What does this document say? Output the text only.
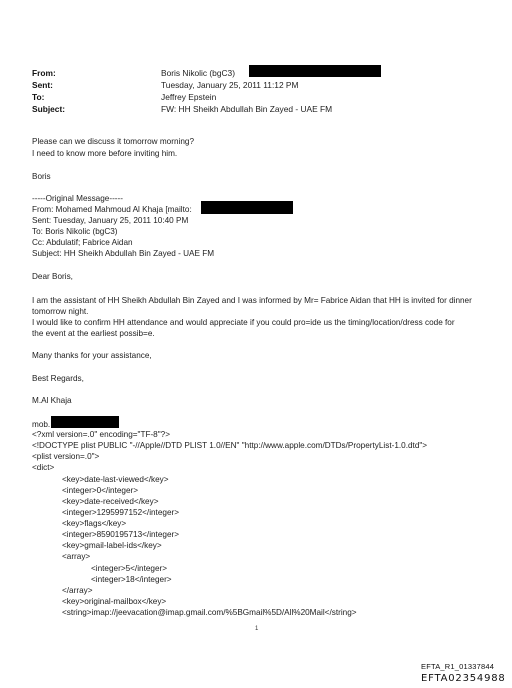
From:	Boris Nikolic (bgC3)
Sent:	Tuesday, January 25, 2011 11:12 PM
To:	Jeffrey Epstein
Subject:	FW: HH Sheikh Abdullah Bin Zayed - UAE FM
Please can we discuss it tomorrow morning?
I need to know more before inviting him.
Boris
-----Original Message-----
From: Mohamed Mahmoud Al Khaja [mailto:
Sent: Tuesday, January 25, 2011 10:40 PM
To: Boris Nikolic (bgC3)
Cc: Abdulatif; Fabrice Aidan
Subject: HH Sheikh Abdullah Bin Zayed - UAE FM
Dear Boris,
I am the assistant of HH Sheikh Abdullah Bin Zayed and I was informed by Mr= Fabrice Aidan that HH is invited for dinner
tomorrow night.
I would like to confirm HH attendance and would appreciate if you could pro=ide us the timing/location/dress code for
the event at the earliest possib=e.
Many thanks for your assistance,
Best Regards,
M.Al Khaja
mob.
<?xml version=.0" encoding="TF-8"?>
<!DOCTYPE plist PUBLIC "-//Apple//DTD PLIST 1.0//EN" "http://www.apple.com/DTDs/PropertyList-1.0.dtd">
<plist version=.0">
<dict>
<key>date-last-viewed</key>
<integer>0</integer>
<key>date-received</key>
<integer>1295997152</integer>
<key>flags</key>
<integer>8590195713</integer>
<key>gmail-label-ids</key>
<array>
<integer>5</integer>
<integer>18</integer>
</array>
<key>original-mailbox</key>
<string>imap://jeevacation@imap.gmail.com/%5BGmail%5D/All%20Mail</string>
1
EFTA_R1_01337844
EFTA02354988
